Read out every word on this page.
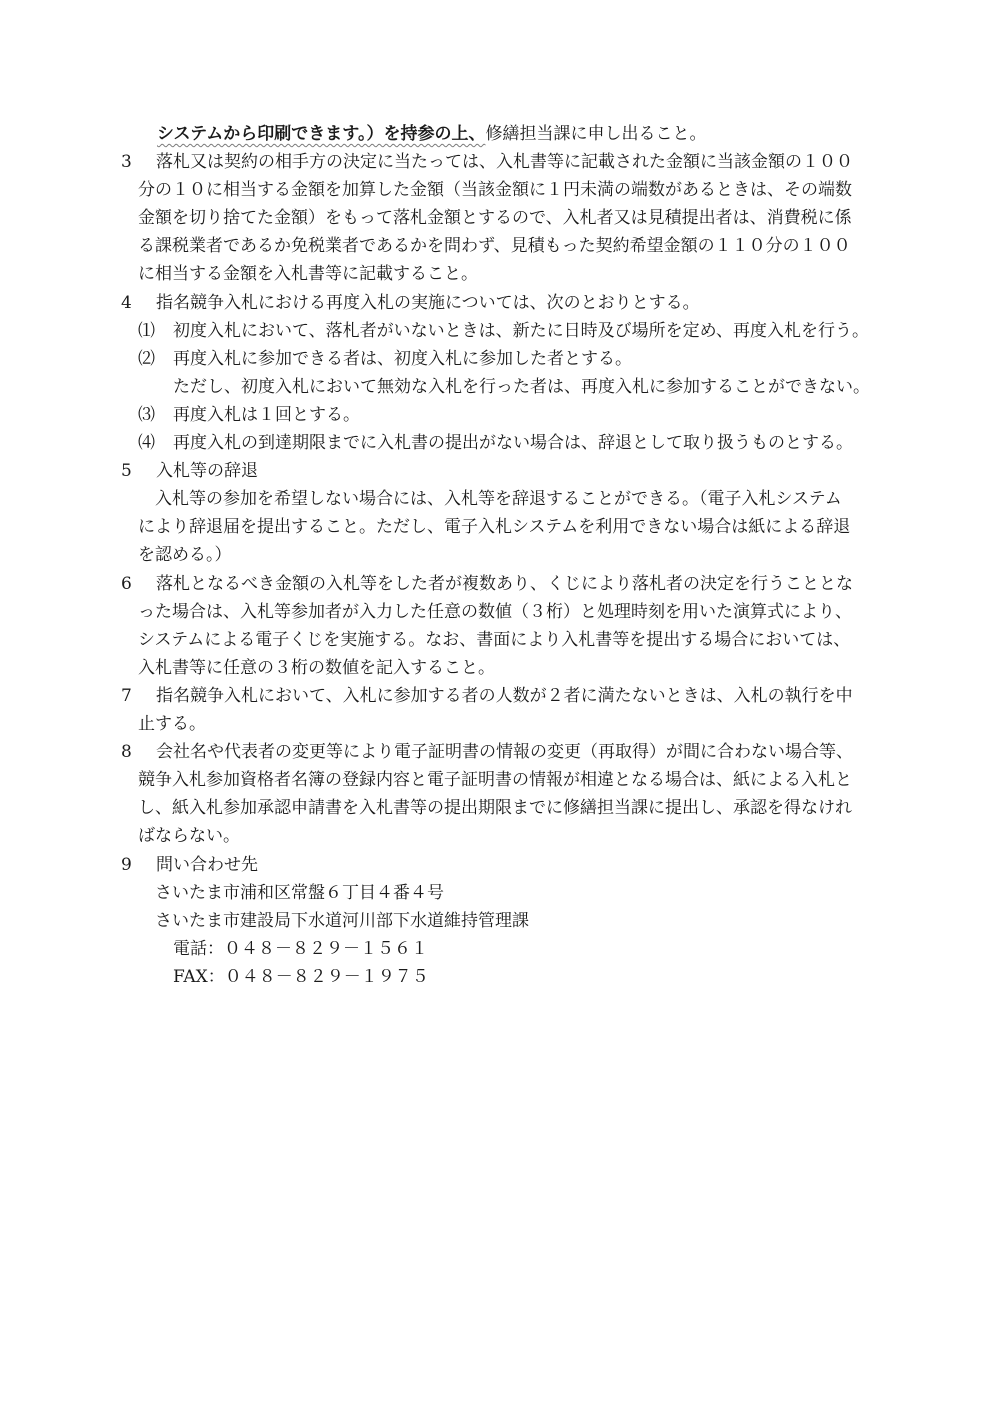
システムから印刷できます。）を持参の上、修繕担当課に申し出ること。
3 落札又は契約の相手方の決定に当たっては、入札書等に記載された金額に当該金額の１００
分の１０に相当する金額を加算した金額（当該金額に１円未満の端数があるときは、その端数
金額を切り捨てた金額）をもって落札金額とするので、入札者又は見積提出者は、消費税に係
る課税業者であるか免税業者であるかを問わず、見積もった契約希望金額の１１０分の１００
に相当する金額を入札書等に記載すること。
4 指名競争入札における再度入札の実施については、次のとおりとする。
⑴ 初度入札において、落札者がいないときは、新たに日時及び場所を定め、再度入札を行う。
⑵ 再度入札に参加できる者は、初度入札に参加した者とする。
ただし、初度入札において無効な入札を行った者は、再度入札に参加することができない。
⑶ 再度入札は１回とする。
⑷ 再度入札の到達期限までに入札書の提出がない場合は、辞退として取り扱うものとする。
5 入札等の辞退
入札等の参加を希望しない場合には、入札等を辞退することができる。（電子入札システム
により辞退届を提出すること。ただし、電子入札システムを利用できない場合は紙による辞退
を認める。）
6 落札となるべき金額の入札等をした者が複数あり、くじにより落札者の決定を行うこととな
った場合は、入札等参加者が入力した任意の数値（３桁）と処理時刻を用いた演算式により、
システムによる電子くじを実施する。なお、書面により入札書等を提出する場合においては、
入札書等に任意の３桁の数値を記入すること。
7 指名競争入札において、入札に参加する者の人数が２者に満たないときは、入札の執行を中
止する。
8 会社名や代表者の変更等により電子証明書の情報の変更（再取得）が間に合わない場合等、
競争入札参加資格者名簿の登録内容と電子証明書の情報が相違となる場合は、紙による入札と
し、紙入札参加承認申請書を入札書等の提出期限までに修繕担当課に提出し、承認を得なけれ
ばならない。
9 問い合わせ先
さいたま市浦和区常盤６丁目４番４号
さいたま市建設局下水道河川部下水道維持管理課
電話：０４８－８２９－１５６１
FAX：０４８－８２９－１９７５
